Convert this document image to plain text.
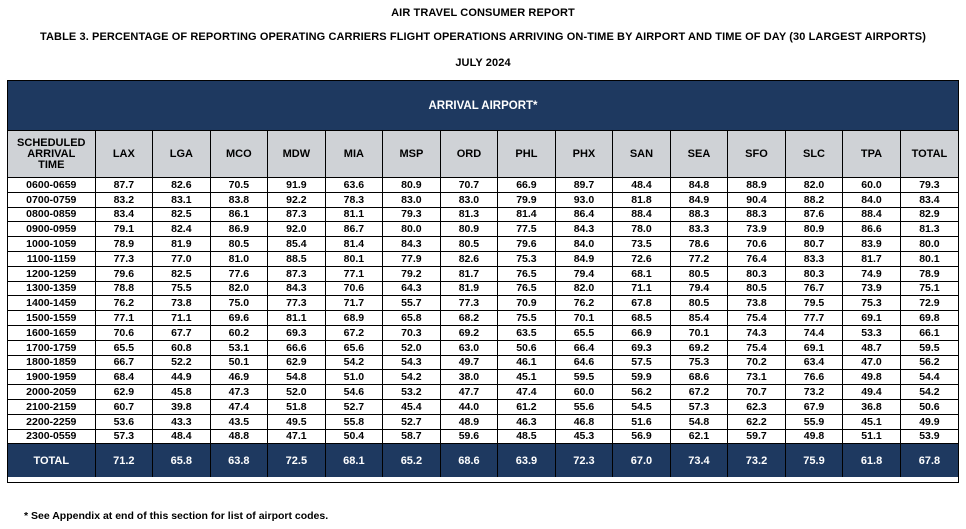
AIR TRAVEL CONSUMER REPORT
TABLE 3. PERCENTAGE OF REPORTING OPERATING CARRIERS FLIGHT OPERATIONS ARRIVING ON-TIME BY AIRPORT AND TIME OF DAY (30 LARGEST AIRPORTS)
JULY 2024
ARRIVAL AIRPORT*
SCHEDULED
ARRIVAL
TIME
LAX	LGA	MCO	MDW	MIA	MSP	ORD	PHL	PHX	SAN	SEA	SFO	SLC	TPA	TOTAL
0600-0659	87.7	82.6	70.5	91.9	63.6	80.9	70.7	66.9	89.7	48.4	84.8	88.9	82.0	60.0	79.3
0700-0759	83.2	83.1	83.8	92.2	78.3	83.0	83.0	79.9	93.0	81.8	84.9	90.4	88.2	84.0	83.4
0800-0859	83.4	82.5	86.1	87.3	81.1	79.3	81.3	81.4	86.4	88.4	88.3	88.3	87.6	88.4	82.9
0900-0959	79.1	82.4	86.9	92.0	86.7	80.0	80.9	77.5	84.3	78.0	83.3	73.9	80.9	86.6	81.3
1000-1059	78.9	81.9	80.5	85.4	81.4	84.3	80.5	79.6	84.0	73.5	78.6	70.6	80.7	83.9	80.0
1100-1159	77.3	77.0	81.0	88.5	80.1	77.9	82.6	75.3	84.9	72.6	77.2	76.4	83.3	81.7	80.1
1200-1259	79.6	82.5	77.6	87.3	77.1	79.2	81.7	76.5	79.4	68.1	80.5	80.3	80.3	74.9	78.9
1300-1359	78.8	75.5	82.0	84.3	70.6	64.3	81.9	76.5	82.0	71.1	79.4	80.5	76.7	73.9	75.1
1400-1459	76.2	73.8	75.0	77.3	71.7	55.7	77.3	70.9	76.2	67.8	80.5	73.8	79.5	75.3	72.9
1500-1559	77.1	71.1	69.6	81.1	68.9	65.8	68.2	75.5	70.1	68.5	85.4	75.4	77.7	69.1	69.8
1600-1659	70.6	67.7	60.2	69.3	67.2	70.3	69.2	63.5	65.5	66.9	70.1	74.3	74.4	53.3	66.1
1700-1759	65.5	60.8	53.1	66.6	65.6	52.0	63.0	50.6	66.4	69.3	69.2	75.4	69.1	48.7	59.5
1800-1859	66.7	52.2	50.1	62.9	54.2	54.3	49.7	46.1	64.6	57.5	75.3	70.2	63.4	47.0	56.2
1900-1959	68.4	44.9	46.9	54.8	51.0	54.2	38.0	45.1	59.5	59.9	68.6	73.1	76.6	49.8	54.4
2000-2059	62.9	45.8	47.3	52.0	54.6	53.2	47.7	47.4	60.0	56.2	67.2	70.7	73.2	49.4	54.2
2100-2159	60.7	39.8	47.4	51.8	52.7	45.4	44.0	61.2	55.6	54.5	57.3	62.3	67.9	36.8	50.6
2200-2259	53.6	43.3	43.5	49.5	55.8	52.7	48.9	46.3	46.8	51.6	54.8	62.2	55.9	45.1	49.9
2300-0559	57.3	48.4	48.8	47.1	50.4	58.7	59.6	48.5	45.3	56.9	62.1	59.7	49.8	51.1	53.9
TOTAL	71.2	65.8	63.8	72.5	68.1	65.2	68.6	63.9	72.3	67.0	73.4	73.2	75.9	61.8	67.8
* See Appendix at end of this section for list of airport codes.
